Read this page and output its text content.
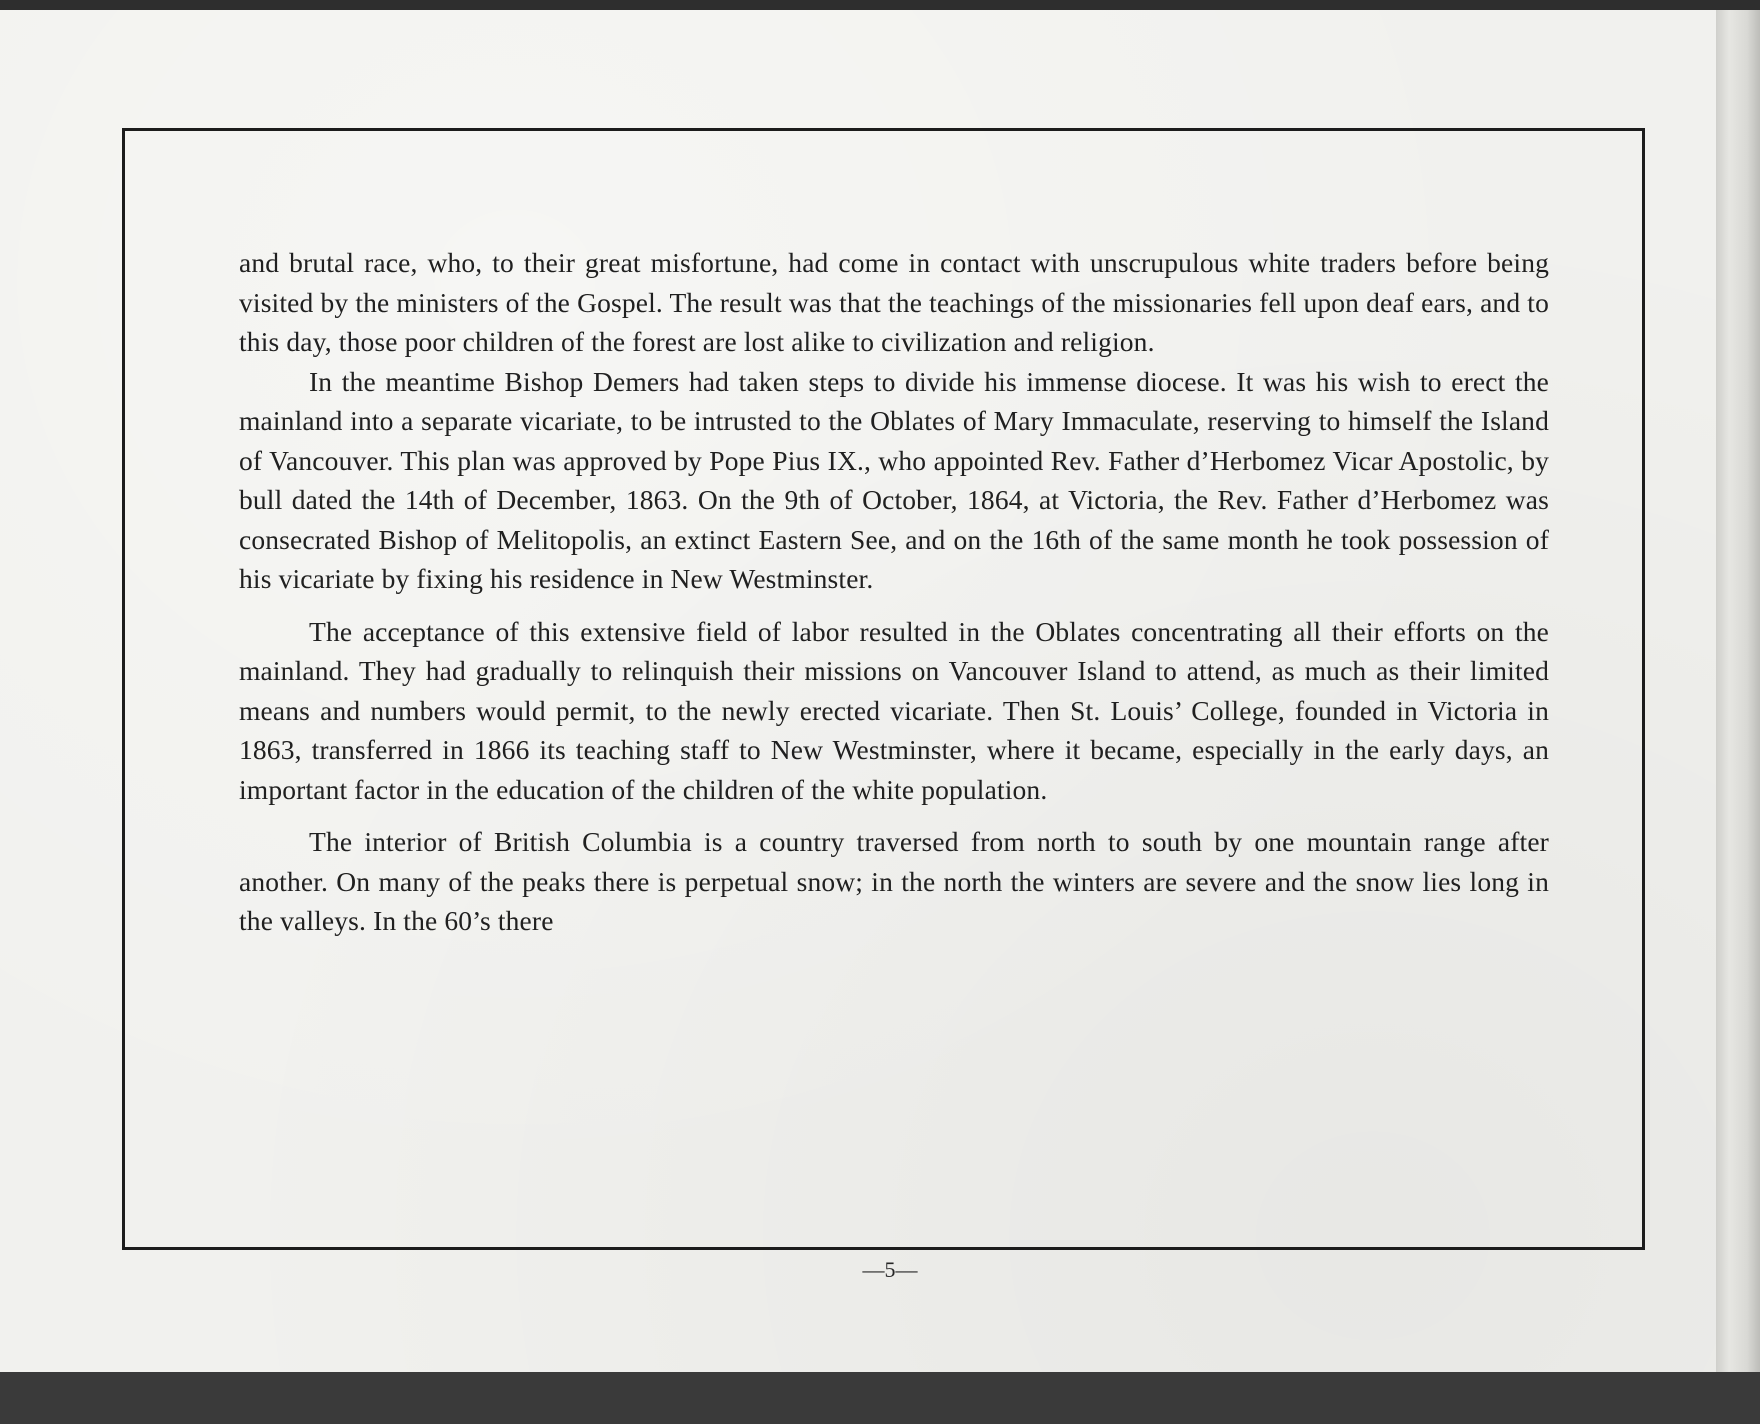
and brutal race, who, to their great misfortune, had come in contact with unscrupulous white traders before being visited by the ministers of the Gospel. The result was that the teachings of the missionaries fell upon deaf ears, and to this day, those poor children of the forest are lost alike to civilization and religion.

In the meantime Bishop Demers had taken steps to divide his immense diocese. It was his wish to erect the mainland into a separate vicariate, to be intrusted to the Oblates of Mary Immaculate, reserving to himself the Island of Vancouver. This plan was approved by Pope Pius IX., who appointed Rev. Father d’Herbomez Vicar Apostolic, by bull dated the 14th of December, 1863. On the 9th of October, 1864, at Victoria, the Rev. Father d’Herbomez was consecrated Bishop of Melitopolis, an extinct Eastern See, and on the 16th of the same month he took possession of his vicariate by fixing his residence in New Westminster.

The acceptance of this extensive field of labor resulted in the Oblates concentrating all their efforts on the mainland. They had gradually to relinquish their missions on Vancouver Island to attend, as much as their limited means and numbers would permit, to the newly erected vicariate. Then St. Louis’ College, founded in Victoria in 1863, transferred in 1866 its teaching staff to New Westminster, where it became, especially in the early days, an important factor in the education of the children of the white population.

The interior of British Columbia is a country traversed from north to south by one mountain range after another. On many of the peaks there is perpetual snow; in the north the winters are severe and the snow lies long in the valleys. In the 60’s there

—5—
